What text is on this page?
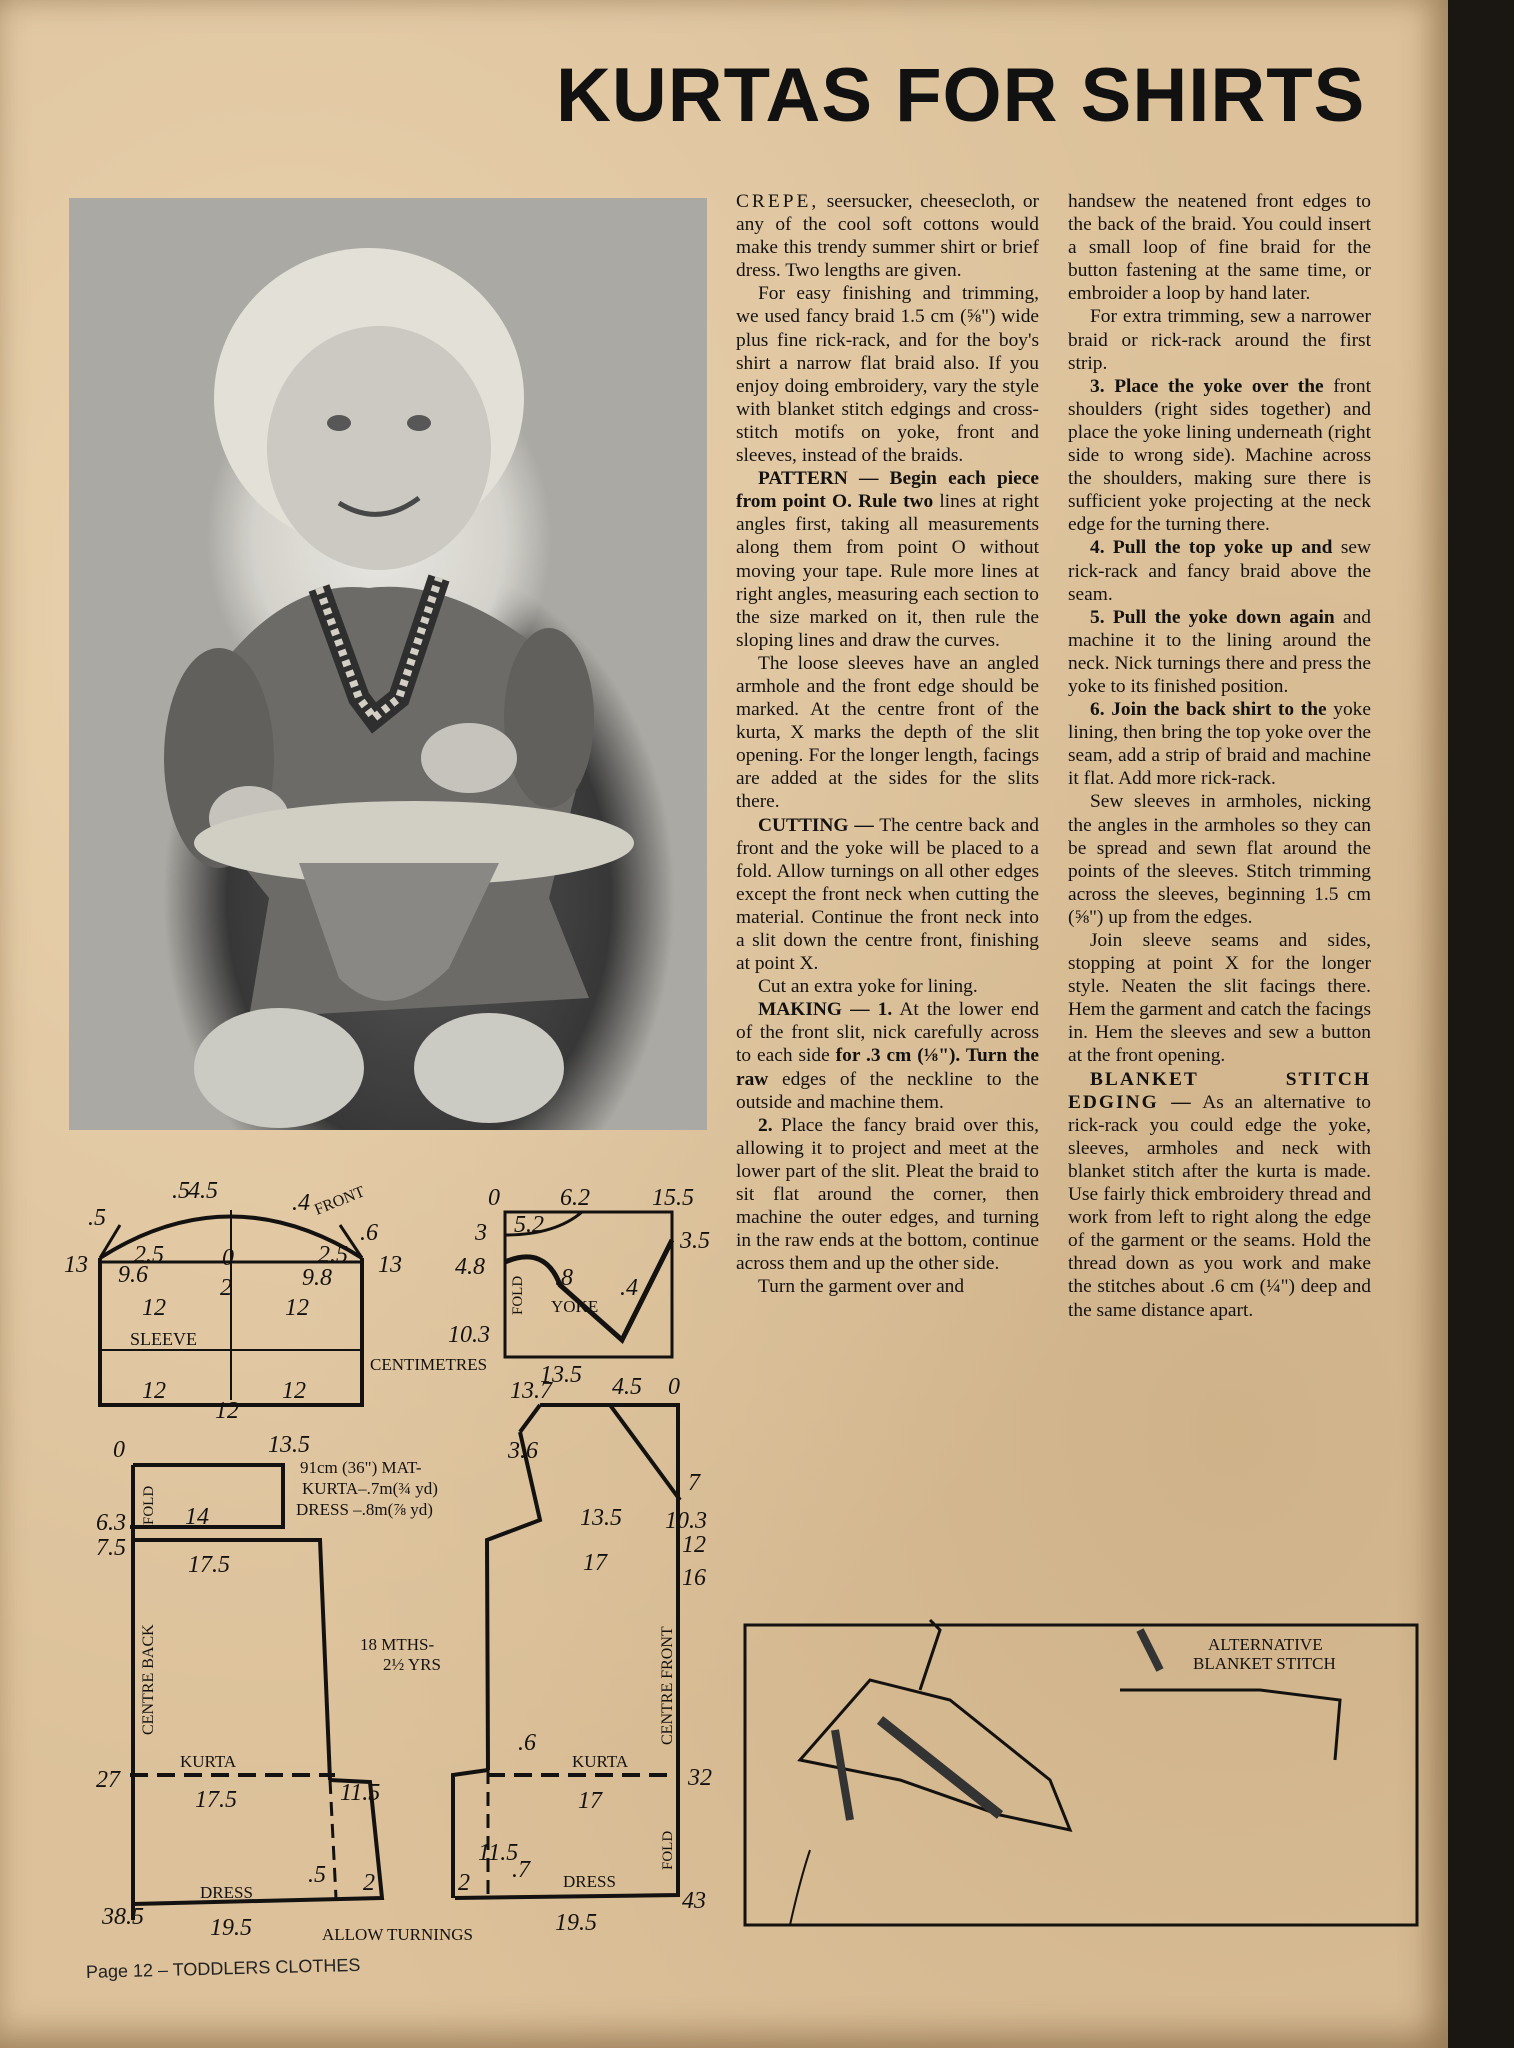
KURTAS FOR SHIRTS

CREPE, seersucker, cheesecloth, or any of the cool soft cottons would make this trendy summer shirt or brief dress. Two lengths are given.

For easy finishing and trimming, we used fancy braid 1.5 cm (⅝") wide plus fine rick-rack, and for the boy's shirt a narrow flat braid also. If you enjoy doing embroidery, vary the style with blanket stitch edgings and cross-stitch motifs on yoke, front and sleeves, instead of the braids.

PATTERN — Begin each piece from point O. Rule two lines at right angles first, taking all measurements along them from point O without moving your tape. Rule more lines at right angles, measuring each section to the size marked on it, then rule the sloping lines and draw the curves.

The loose sleeves have an angled armhole and the front edge should be marked. At the centre front of the kurta, X marks the depth of the slit opening. For the longer length, facings are added at the sides for the slits there.

CUTTING — The centre back and front and the yoke will be placed to a fold. Allow turnings on all other edges except the front neck when cutting the material. Continue the front neck into a slit down the centre front, finishing at point X.

Cut an extra yoke for lining.

MAKING — 1. At the lower end of the front slit, nick carefully across to each side for .3 cm (⅛"). Turn the raw edges of the neckline to the outside and machine them.

2. Place the fancy braid over this, allowing it to project and meet at the lower part of the slit. Pleat the braid to sit flat around the corner, then machine the outer edges, and turning in the raw ends at the bottom, continue across them and up the other side.

Turn the garment over and

handsew the neatened front edges to the back of the braid. You could insert a small loop of fine braid for the button fastening at the same time, or embroider a loop by hand later.

For extra trimming, sew a narrower braid or rick-rack around the first strip.

3. Place the yoke over the front shoulders (right sides together) and place the yoke lining underneath (right side to wrong side). Machine across the shoulders, making sure there is sufficient yoke projecting at the neck edge for the turning there.

4. Pull the top yoke up and sew rick-rack and fancy braid above the seam.

5. Pull the yoke down again and machine it to the lining around the neck. Nick turnings there and press the yoke to its finished position.

6. Join the back shirt to the yoke lining, then bring the top yoke over the seam, add a strip of braid and machine it flat. Add more rick-rack.

Sew sleeves in armholes, nicking the angles in the armholes so they can be spread and sewn flat around the points of the sleeves. Stitch trimming across the sleeves, beginning 1.5 cm (⅝") up from the edges.

Join sleeve seams and sides, stopping at point X for the longer style. Neaten the slit facings there. Hem the garment and catch the facings in. Hem the sleeves and sew a button at the front opening.

BLANKET STITCH EDGING — As an alternative to rick-rack you could edge the yoke, sleeves, armholes and neck with blanket stitch after the kurta is made. Use fairly thick embroidery thread and work from left to right along the edge of the garment or the seams. Hold the thread down as you work and make the stitches about .6 cm (¼") deep and the same distance apart.

SLEEVE
FRONT
CENTIMETRES
YOKE
FOLD
FOLD
CENTRE BACK
KURTA
DRESS
CENTRE FRONT
FOLD
KURTA
DRESS
91cm (36") MAT-
KURTA–.7m(¾ yd)
DRESS –.8m(⅞ yd)
18 MTHS-
2½ YRS
ALLOW TURNINGS
ALTERNATIVE
BLANKET STITCH
.5
4.5	.4
.5
.6
2.5	2.5
13	13
9.6	9.8
0
2
12	12
12
12
12
0	6.2	15.5
3.5
3 5.2
4.8	.8 .4
10.3
13.5
0	13.5
6.3 14
7.5
17.5
27
17.5	11.5
.5 2
38.5	19.5
13.7	4.5 0
3.6
7
13.5 10.3
12
17
16
.6
32
17
11.5
.7
2
43
19.5
Page 12 – TODDLERS CLOTHES
